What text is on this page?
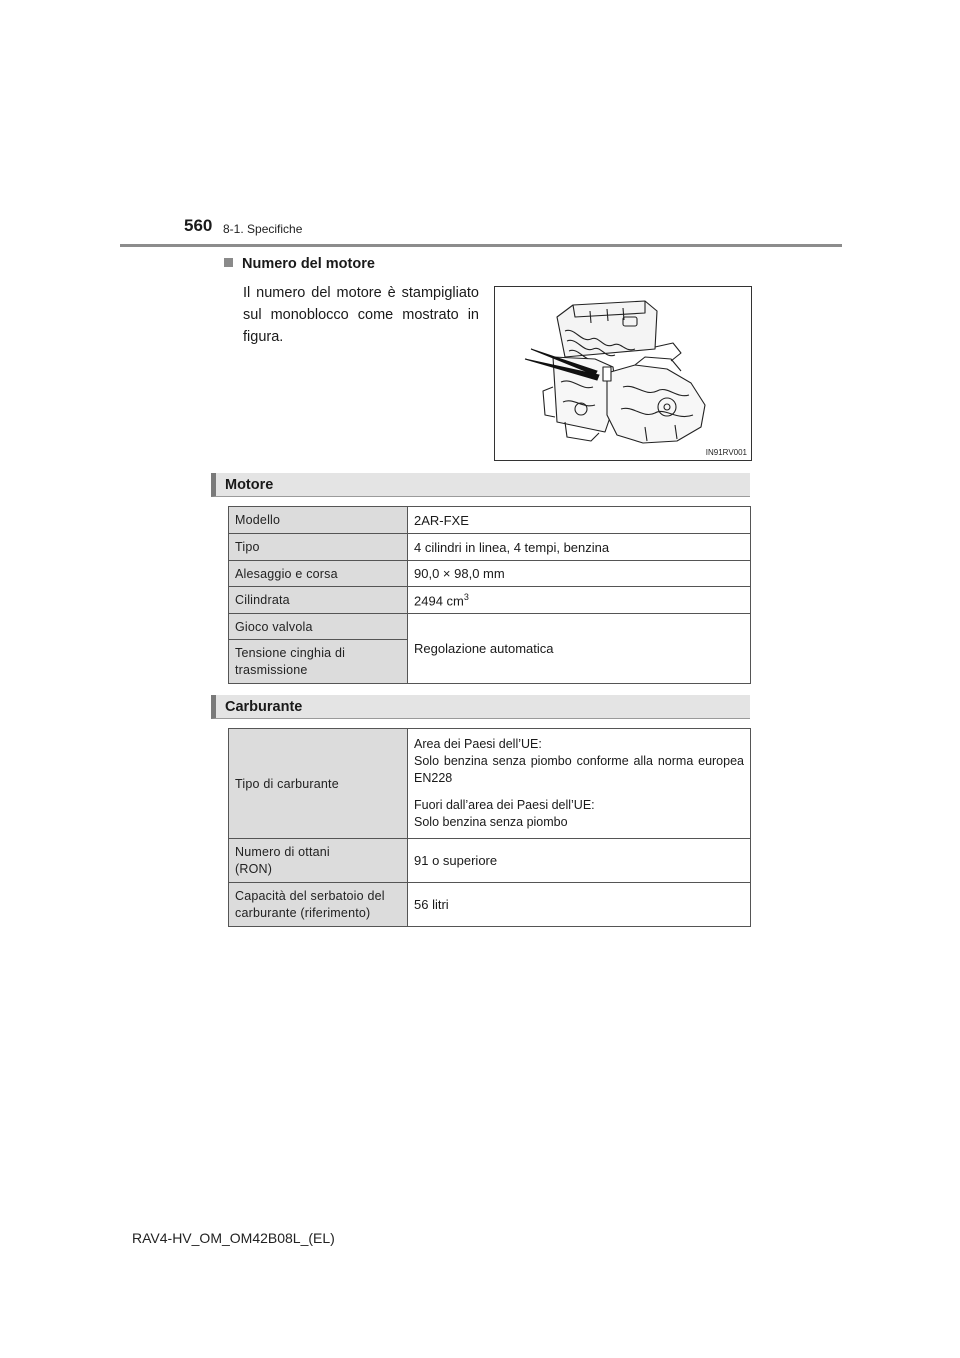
560 8-1. Specifiche
Numero del motore
Il numero del motore è stampigliato sul monoblocco come mostrato in figura.
IN91RV001
Motore
Modello	2AR-FXE
Tipo	4 cilindri in linea, 4 tempi, benzina
Alesaggio e corsa	90,0 × 98,0 mm
Cilindrata	2494 $cm^3$
Gioco valvola	Regolazione automatica
Tensione cinghia di trasmissione	
Carburante
Tipo di carburante	Area dei Paesi dell’UE:

Solo benzina senza piombo conforme alla norma europea EN228

Fuori dall’area dei Paesi dell’UE:

Solo benzina senza piombo

Numero di ottani
(RON)	91 o superiore

Capacità del serbatoio del
carburante (riferimento)	56 litri
RAV4-HV_OM_OM42B08L_(EL)
